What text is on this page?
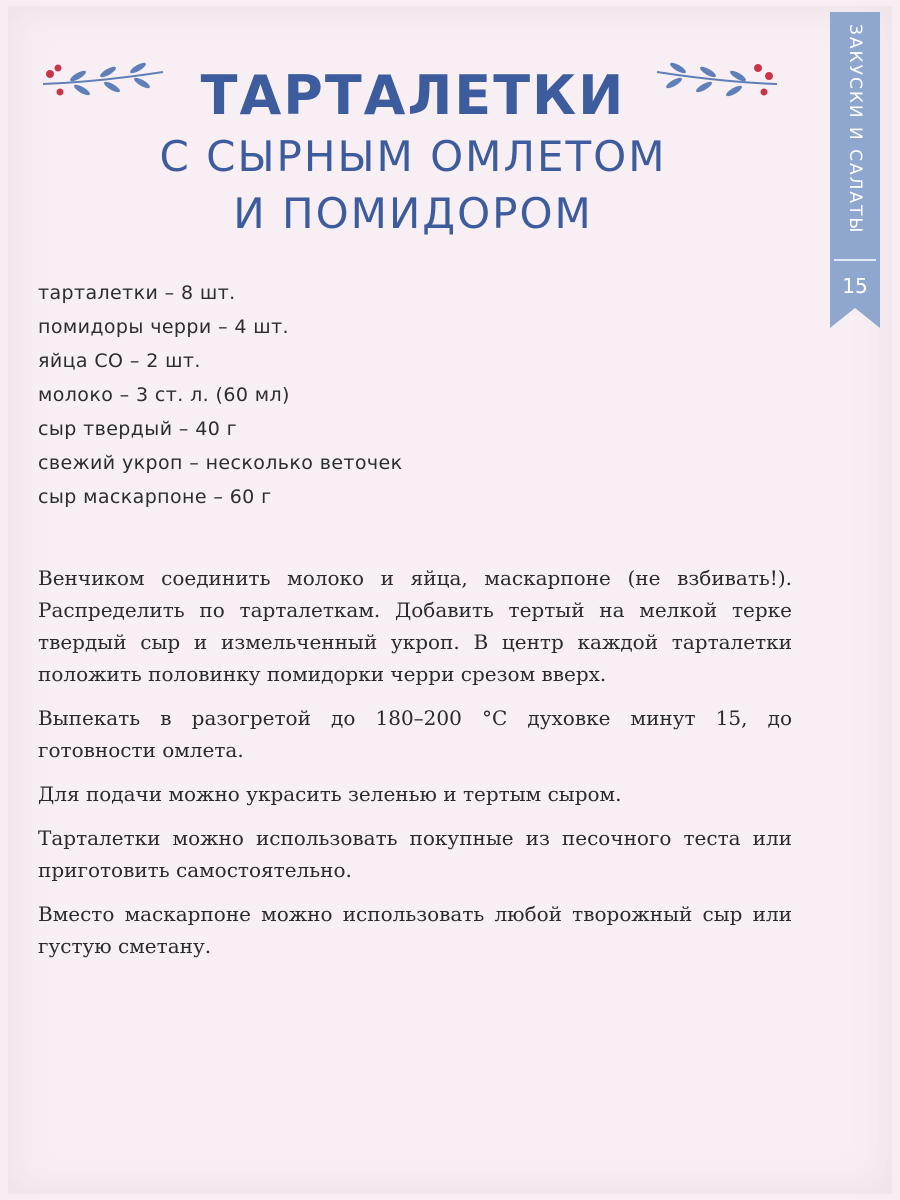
ТАРТАЛЕТКИ
С СЫРНЫМ ОМЛЕТОМ
И ПОМИДОРОМ	ЗАКУСКИ И САЛАТЫ
15
тарталетки – 8 шт.
помидоры черри – 4 шт.
яйца СО – 2 шт.
молоко – 3 ст. л. (60 мл)
сыр твердый – 40 г
свежий укроп – несколько веточек
сыр маскарпоне – 60 г

Венчиком соединить молоко и яйца, маскарпоне (не взбивать!). Распределить по тарталеткам. Добавить тертый на мелкой терке твердый сыр и измельченный укроп. В центр каждой тарталетки положить половинку помидорки черри срезом вверх.

Выпекать в разогретой до 180–200 °С духовке минут 15, до готовности омлета.

Для подачи можно украсить зеленью и тертым сыром.

Тарталетки можно использовать покупные из песочного теста или приготовить самостоятельно.

Вместо маскарпоне можно использовать любой творожный сыр или густую сметану.
